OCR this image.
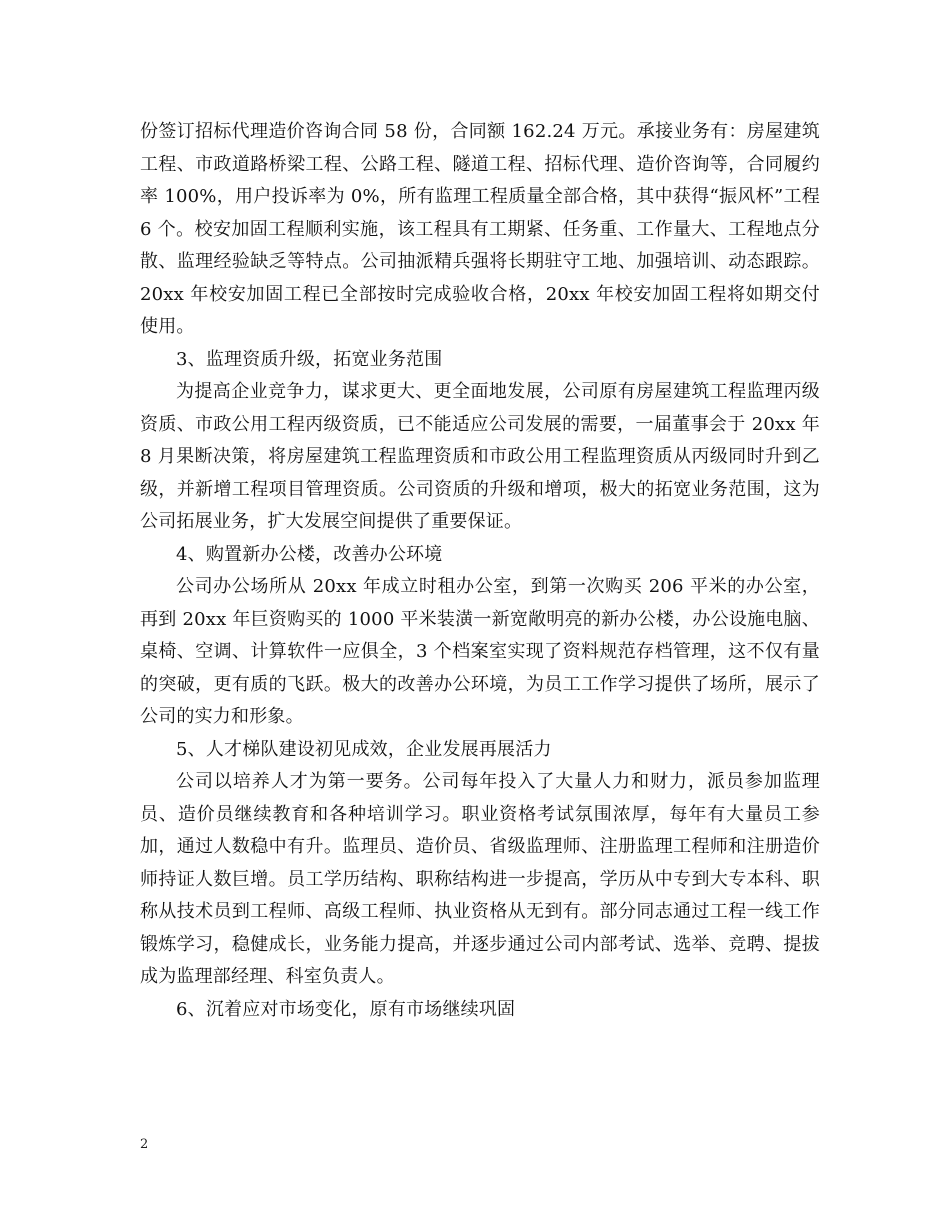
份签订招标代理造价咨询合同 58 份，合同额 162.24 万元。承接业务有：房屋建筑工程、市政道路桥梁工程、公路工程、隧道工程、招标代理、造价咨询等，合同履约率 100%，用户投诉率为 0%，所有监理工程质量全部合格，其中获得“振风杯”工程 6 个。校安加固工程顺利实施，该工程具有工期紧、任务重、工作量大、工程地点分散、监理经验缺乏等特点。公司抽派精兵强将长期驻守工地、加强培训、动态跟踪。20xx 年校安加固工程已全部按时完成验收合格，20xx 年校安加固工程将如期交付使用。

3、监理资质升级，拓宽业务范围

为提高企业竞争力，谋求更大、更全面地发展，公司原有房屋建筑工程监理丙级资质、市政公用工程丙级资质，已不能适应公司发展的需要，一届董事会于 20xx 年 8 月果断决策，将房屋建筑工程监理资质和市政公用工程监理资质从丙级同时升到乙级，并新增工程项目管理资质。公司资质的升级和增项，极大的拓宽业务范围，这为公司拓展业务，扩大发展空间提供了重要保证。

4、购置新办公楼，改善办公环境

公司办公场所从 20xx 年成立时租办公室，到第一次购买 206 平米的办公室，再到 20xx 年巨资购买的 1000 平米装潢一新宽敞明亮的新办公楼，办公设施电脑、桌椅、空调、计算软件一应俱全，3 个档案室实现了资料规范存档管理，这不仅有量的突破，更有质的飞跃。极大的改善办公环境，为员工工作学习提供了场所，展示了公司的实力和形象。

5、人才梯队建设初见成效，企业发展再展活力

公司以培养人才为第一要务。公司每年投入了大量人力和财力，派员参加监理员、造价员继续教育和各种培训学习。职业资格考试氛围浓厚，每年有大量员工参加，通过人数稳中有升。监理员、造价员、省级监理师、注册监理工程师和注册造价师持证人数巨增。员工学历结构、职称结构进一步提高，学历从中专到大专本科、职称从技术员到工程师、高级工程师、执业资格从无到有。部分同志通过工程一线工作锻炼学习，稳健成长，业务能力提高，并逐步通过公司内部考试、选举、竞聘、提拔成为监理部经理、科室负责人。

6、沉着应对市场变化，原有市场继续巩固

2
